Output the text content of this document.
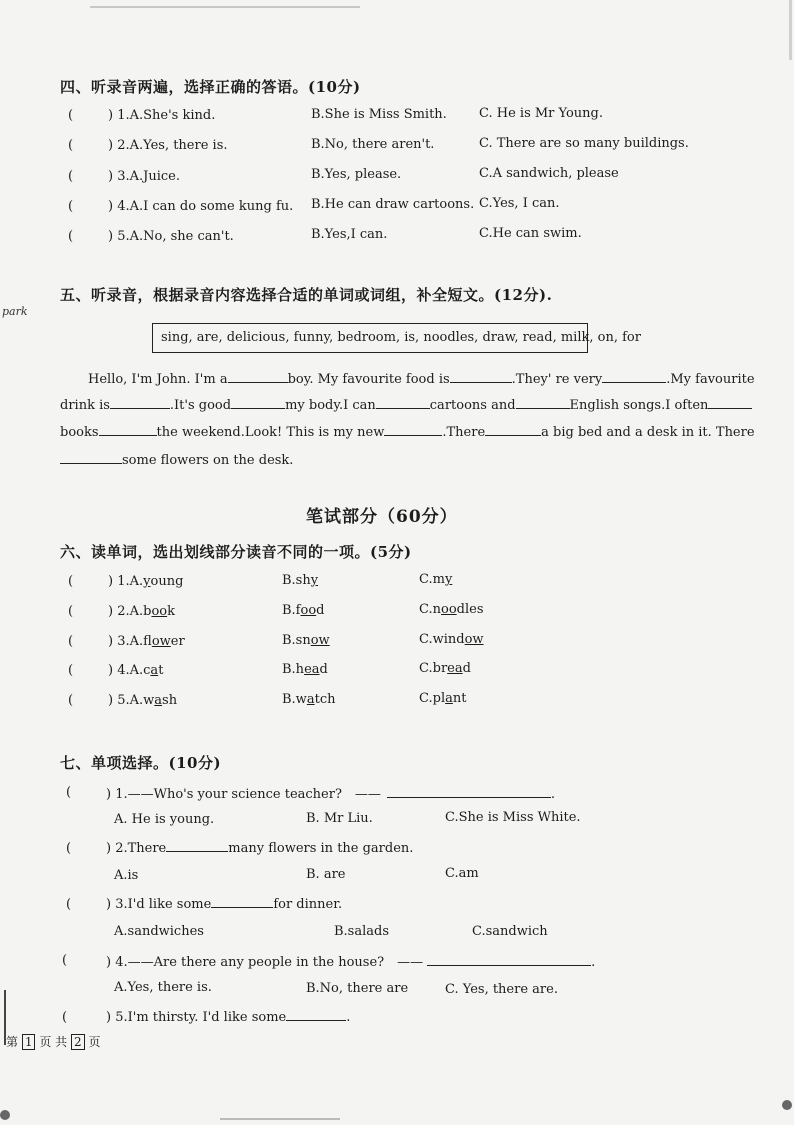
四、听录音两遍，选择正确的答语。(10分)
(	) 1.A.She's kind.	B.She is Miss Smith. C. He is Mr Young.
(	) 2.A.Yes, there is.	B.No, there aren't.	C. There are so many buildings.
(	) 3.A.Juice.	B.Yes, please.	C.A sandwich, please
(	) 4.A.I can do some kung fu. B.He can draw cartoons. C.Yes, I can.
(	) 5.A.No, she can't.	B.Yes,I can.	C.He can swim.
park
五、听录音，根据录音内容选择合适的单词或词组，补全短文。(12分).
sing, are, delicious, funny, bedroom, is, noodles, draw, read, milk, on, for
Hello, I'm John. I'm a	boy. My favourite food is	.They' re very	.My favourite
drink is	.It's good	my body.I can	cartoons and	English songs.I often
books	the weekend.Look! This is my new	.There	a big bed and a desk in it. There
some flowers on the desk.
笔试部分（60分）
六、读单词，选出划线部分读音不同的一项。(5分)
(	) 1.A.young	B.shy	C.my
(	) 2.A.book	B.food	C.noodles
(	) 3.A.flower	B.snow	C.window
(	) 4.A.cat	B.head	C.bread
(	) 5.A.wash	B.watch	C.plant
七、单项选择。(10分)
(	) 1.——Who's your science teacher?　——	.
A. He is young.	B. Mr Liu.	C.She is Miss White.
(	) 2.There	many flowers in the garden.
A.is	B. are	C.am
(	) 3.I'd like some	for dinner.
A.sandwiches	B.salads	C.sandwich
(	) 4.——Are there any people in the house?　——	.
A.Yes, there is.	B.No, there are	C. Yes, there are.
(	) 5.I'm thirsty. I'd like some	.
第 1 页 共 2 页
